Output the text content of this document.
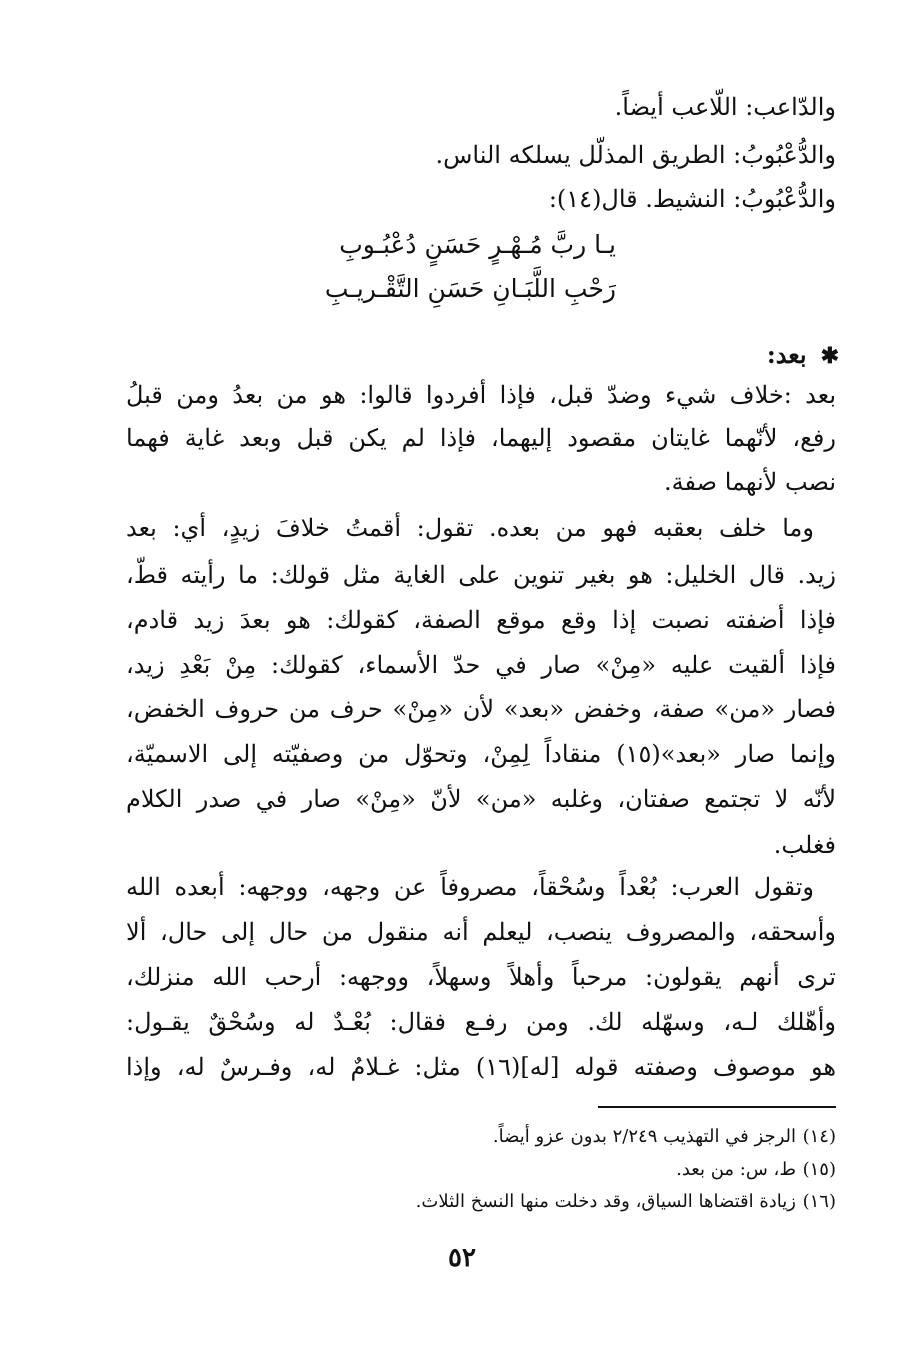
والدّاعب: اللّاعب أيضاً.
والدُّعْبُوبُ: الطريق المذلّل يسلكه الناس.
والدُّعْبُوبُ: النشيط. قال(١٤):
يـا ربَّ مُـهْـرٍ حَسَنٍ دُعْبُـوبِ
رَحْبِ اللَّبَـانِ حَسَنِ التَّقْـريـبِ
✱بعد:
بعد :خلاف شيء وضدّ قبل، فإذا أفردوا قالوا: هو من بعدُ ومن قبلُ
رفع، لأنّهما غايتان مقصود إليهما، فإذا لم يكن قبل وبعد غاية فهما
نصب لأنهما صفة.
وما خلف بعقبه فهو من بعده. تقول: أقمتُ خلافَ زيدٍ، أي: بعد
زيد. قال الخليل: هو بغير تنوين على الغاية مثل قولك: ما رأيته قطّ،
فإذا أضفته نصبت إذا وقع موقع الصفة، كقولك: هو بعدَ زيد قادم،
فإذا ألقيت عليه «مِنْ» صار في حدّ الأسماء، كقولك: مِنْ بَعْدِ زيد،
فصار «من» صفة، وخفض «بعد» لأن «مِنْ» حرف من حروف الخفض،
وإنما صار «بعد»(١٥) منقاداً لِمِنْ، وتحوّل من وصفيّته إلى الاسميّة،
لأنّه لا تجتمع صفتان، وغلبه «من» لأنّ «مِنْ» صار في صدر الكلام
فغلب.
وتقول العرب: بُعْداً وسُحْقاً، مصروفاً عن وجهه، ووجهه: أبعده الله
وأسحقه، والمصروف ينصب، ليعلم أنه منقول من حال إلى حال، ألا
ترى أنهم يقولون: مرحباً وأهلاً وسهلاً، ووجهه: أرحب الله منزلك،
وأهّلك لـه، وسهّله لك. ومن رفـع فقال: بُعْـدٌ له وسُحْقٌ يقـول:
هو موصوف وصفته قوله [له](١٦) مثل: غـلامٌ له، وفـرسٌ له، وإذا
(١٤)الرجز في التهذيب ٢/٢٤٩ بدون عزو أيضاً.
(١٥)ط، س: من بعد.
(١٦)زيادة اقتضاها السياق، وقد دخلت منها النسخ الثلاث.
٥٢
